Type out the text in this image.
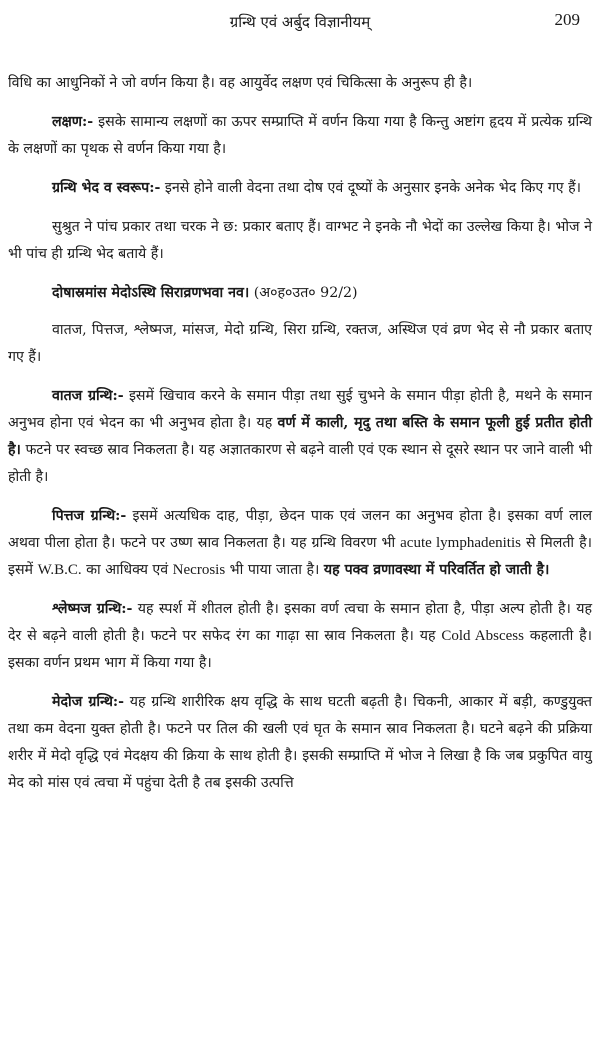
ग्रन्थि एवं अर्बुद विज्ञानीयम्	209

विधि का आधुनिकों ने जो वर्णन किया है। वह आयुर्वेद लक्षण एवं चिकित्सा के अनुरूप ही है।

लक्षण:- इसके सामान्य लक्षणों का ऊपर सम्प्राप्ति में वर्णन किया गया है किन्तु अष्टांग हृदय में प्रत्येक ग्रन्थि के लक्षणों का पृथक से वर्णन किया गया है।

ग्रन्थि भेद व स्वरूप:- इनसे होने वाली वेदना तथा दोष एवं दूष्यों के अनुसार इनके अनेक भेद किए गए हैं।

सुश्रुत ने पांच प्रकार तथा चरक ने छ: प्रकार बताए हैं। वाग्भट ने इनके नौ भेदों का उल्लेख किया है। भोज ने भी पांच ही ग्रन्थि भेद बताये हैं।

दोषास्रमांस मेदोऽस्थि सिराव्रणभवा नव। (अ०ह०उत० 92/2)

वातज, पित्तज, श्लेष्मज, मांसज, मेदो ग्रन्थि, सिरा ग्रन्थि, रक्तज, अस्थिज एवं व्रण भेद से नौ प्रकार बताए गए हैं।

वातज ग्रन्थि:- इसमें खिचाव करने के समान पीड़ा तथा सुई चुभने के समान पीड़ा होती है, मथने के समान अनुभव होना एवं भेदन का भी अनुभव होता है। यह वर्ण में काली, मृदु तथा बस्ति के समान फूली हुई प्रतीत होती है। फटने पर स्वच्छ स्राव निकलता है। यह अज्ञातकारण से बढ़ने वाली एवं एक स्थान से दूसरे स्थान पर जाने वाली भी होती है।

पित्तज ग्रन्थि:- इसमें अत्यधिक दाह, पीड़ा, छेदन पाक एवं जलन का अनुभव होता है। इसका वर्ण लाल अथवा पीला होता है। फटने पर उष्ण स्राव निकलता है। यह ग्रन्थि विवरण भी acute lymphadenitis से मिलती है। इसमें W.B.C. का आधिक्य एवं Necrosis भी पाया जाता है। यह पक्व व्रणावस्था में परिवर्तित हो जाती है।

श्लेष्मज ग्रन्थि:- यह स्पर्श में शीतल होती है। इसका वर्ण त्वचा के समान होता है, पीड़ा अल्प होती है। यह देर से बढ़ने वाली होती है। फटने पर सफेद रंग का गाढ़ा सा स्राव निकलता है। यह Cold Abscess कहलाती है। इसका वर्णन प्रथम भाग में किया गया है।

मेदोज ग्रन्थि:- यह ग्रन्थि शारीरिक क्षय वृद्धि के साथ घटती बढ़ती है। चिकनी, आकार में बड़ी, कण्डुयुक्त तथा कम वेदना युक्त होती है। फटने पर तिल की खली एवं घृत के समान स्राव निकलता है। घटने बढ़ने की प्रक्रिया शरीर में मेदो वृद्धि एवं मेदक्षय की क्रिया के साथ होती है। इसकी सम्प्राप्ति में भोज ने लिखा है कि जब प्रकुपित वायु मेद को मांस एवं त्वचा में पहुंचा देती है तब इसकी उत्पत्ति
